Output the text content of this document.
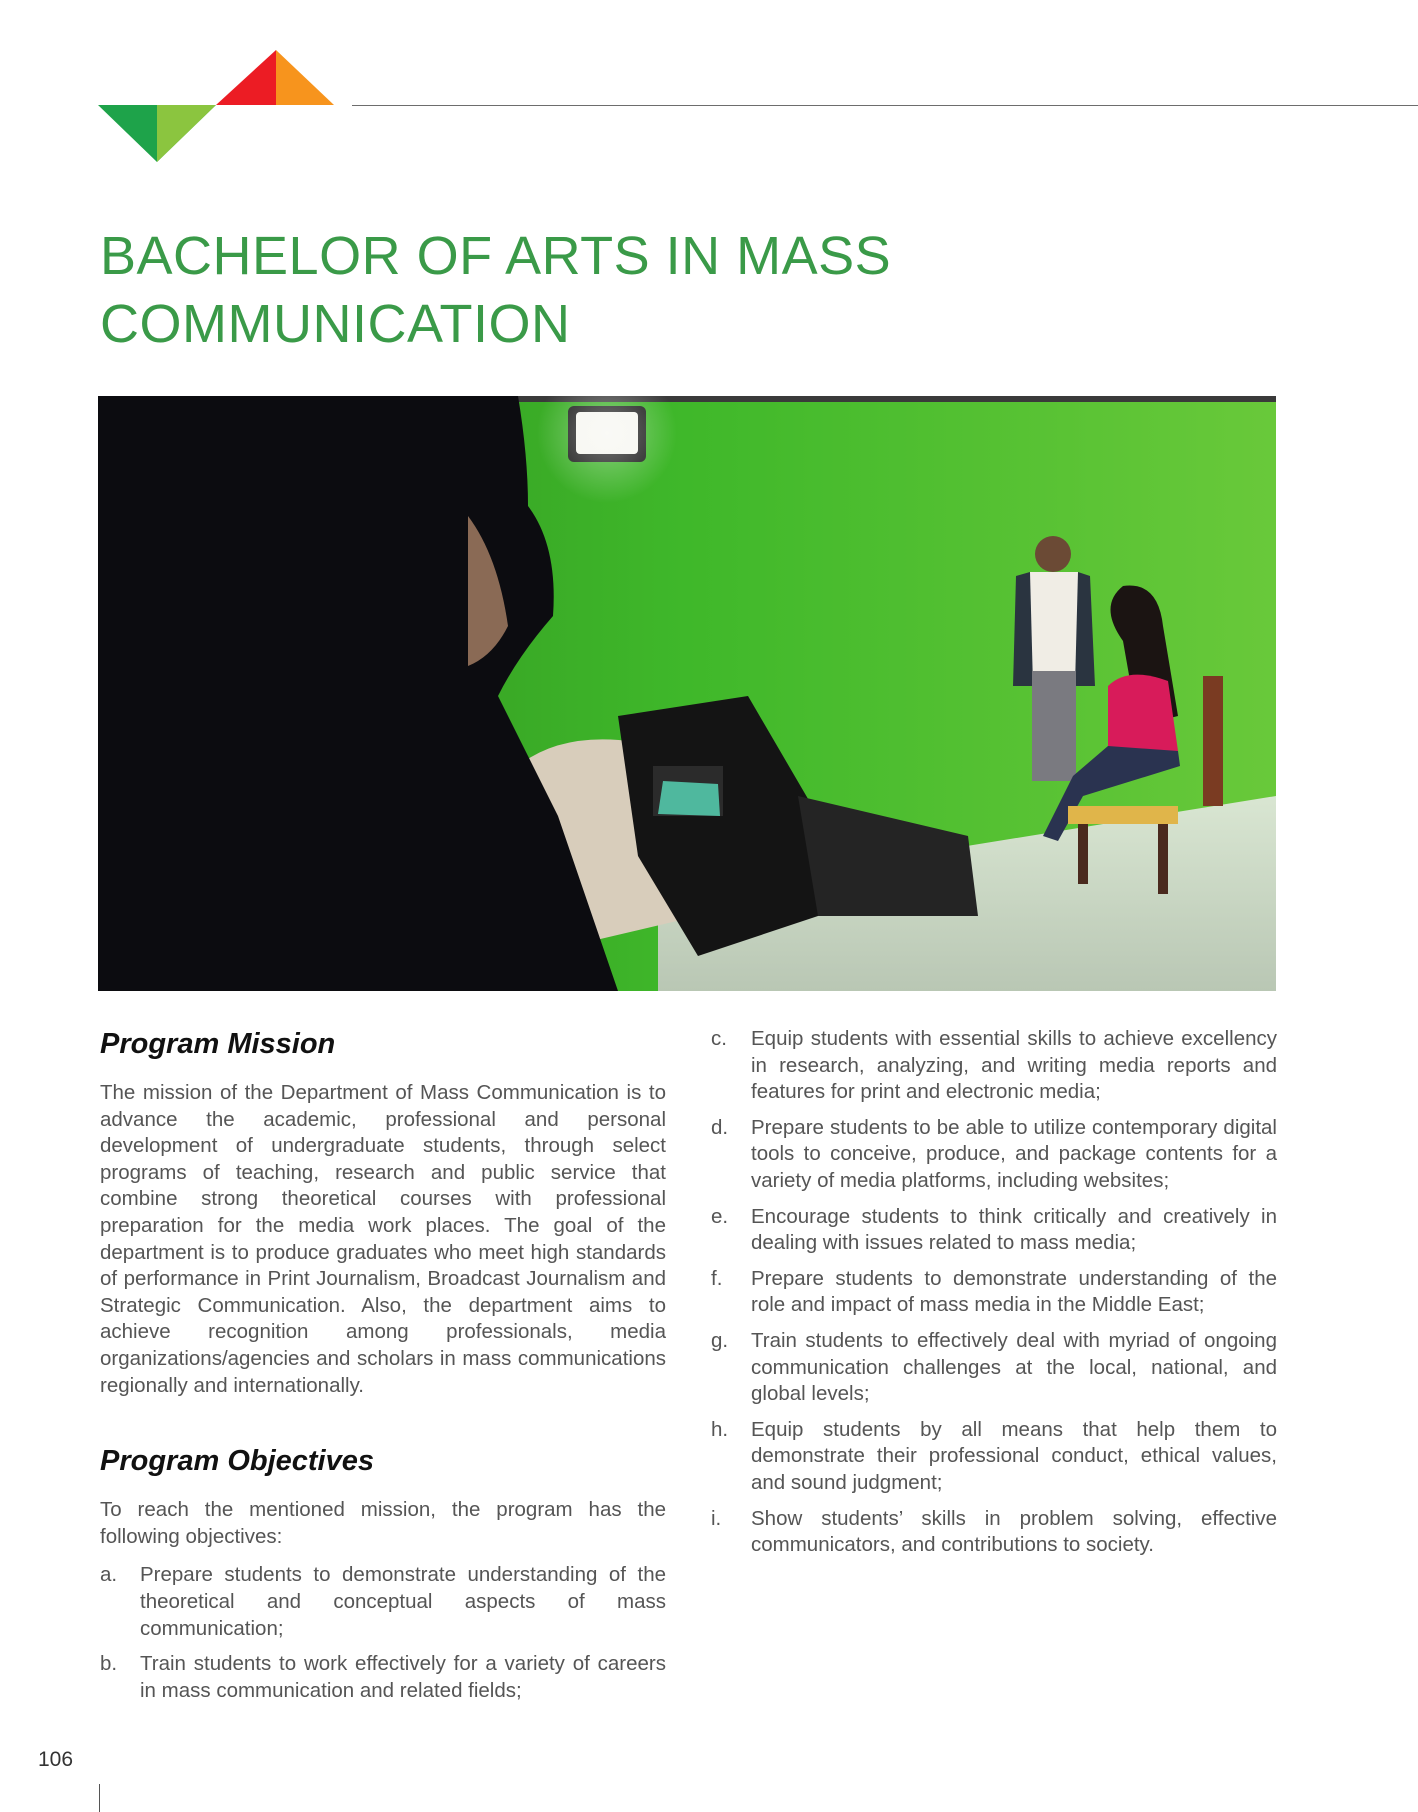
BACHELOR OF ARTS IN MASS
COMMUNICATION
Program Mission

The mission of the Department of Mass Communication is to advance the academic, professional and personal development of undergraduate students, through select programs of teaching, research and public service that combine strong theoretical courses with professional preparation for the media work places. The goal of the department is to produce graduates who meet high standards of performance in Print Journalism, Broadcast Journalism and Strategic Communication. Also, the department aims to achieve recognition among professionals, media organizations/agencies and scholars in mass communications regionally and internationally.

Program Objectives

To reach the mentioned mission, the program has the following objectives:

a. Prepare students to demonstrate understanding of the theoretical and conceptual aspects of mass communication;
b. Train students to work effectively for a variety of careers in mass communication and related fields;
c. Equip students with essential skills to achieve excellency in research, analyzing, and writing media reports and features for print and electronic media;
d. Prepare students to be able to utilize contemporary digital tools to conceive, produce, and package contents for a variety of media platforms, including websites;
e. Encourage students to think critically and creatively in dealing with issues related to mass media;
f. Prepare students to demonstrate understanding of the role and impact of mass media in the Middle East;
g. Train students to effectively deal with myriad of ongoing communication challenges at the local, national, and global levels;
h. Equip students by all means that help them to demonstrate their professional conduct, ethical values, and sound judgment;
i. Show students’ skills in problem solving, effective communicators, and contributions to society.
106
